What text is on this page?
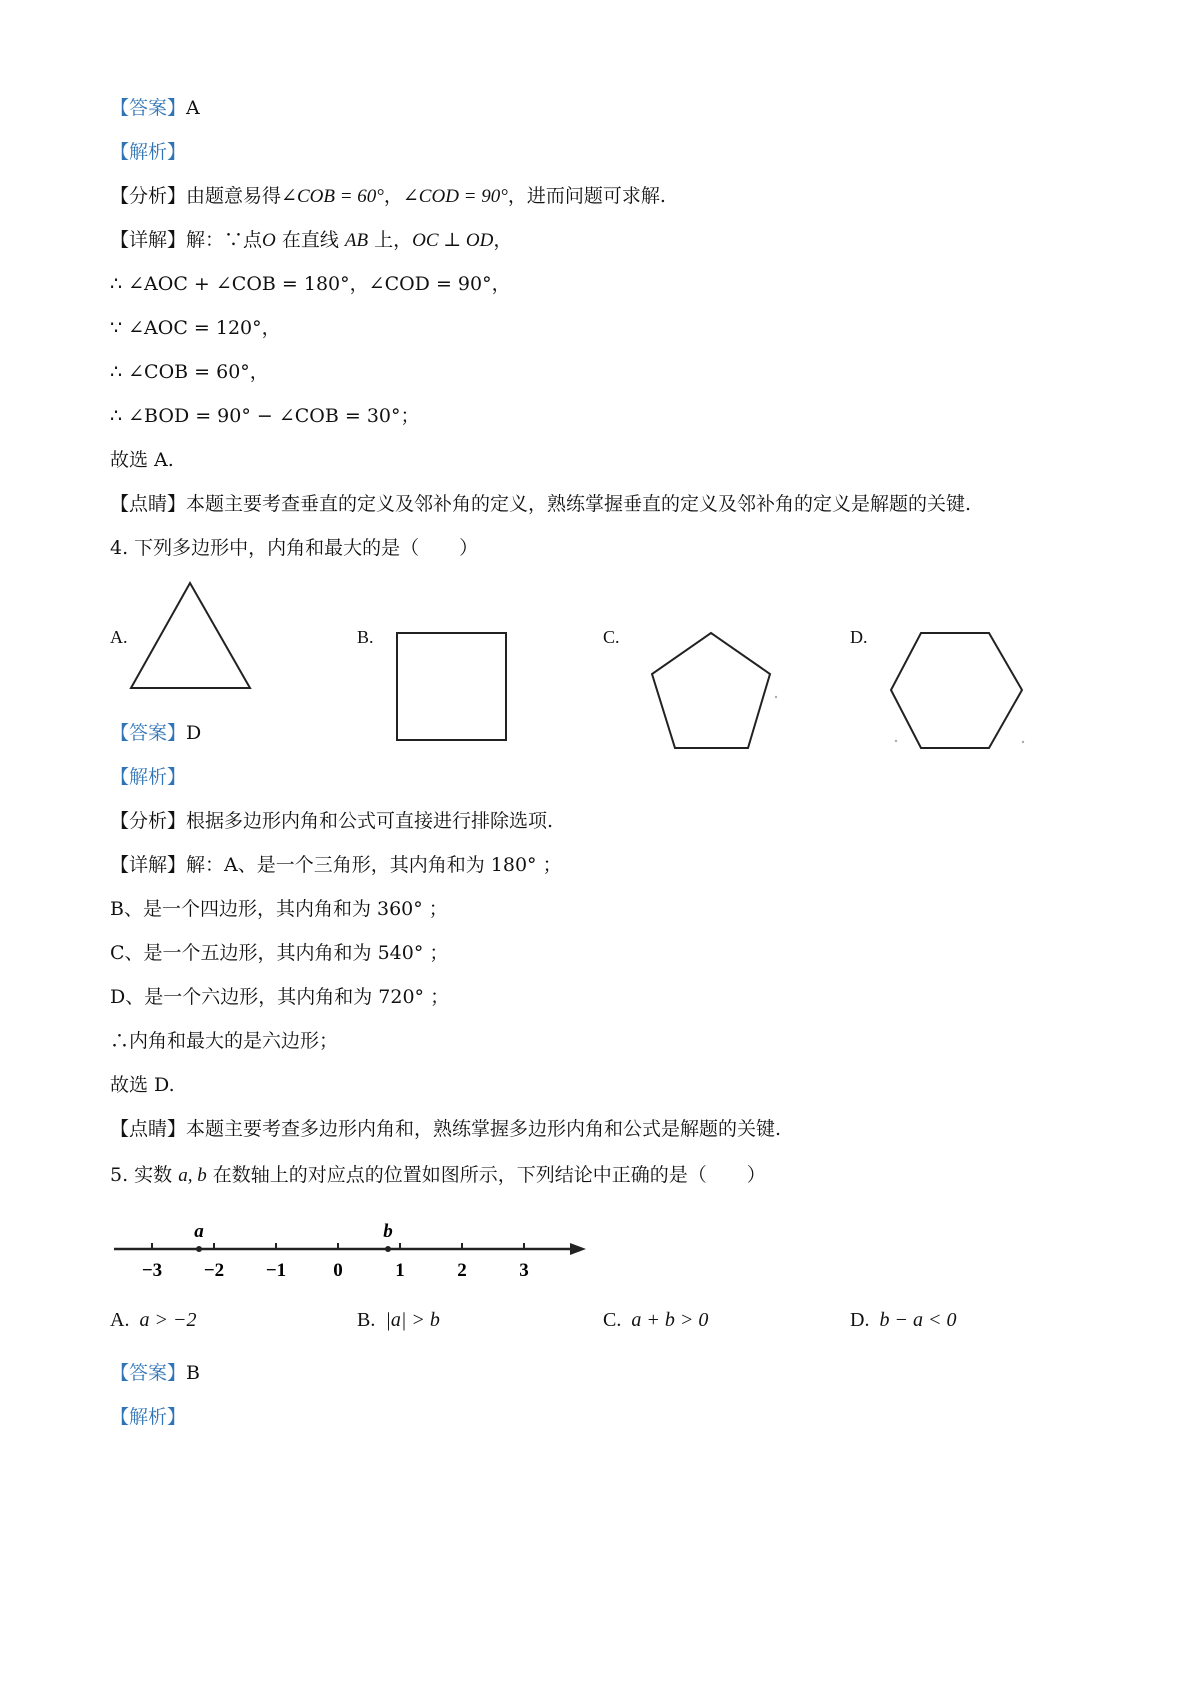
【答案】A
【解析】
【分析】由题意易得∠COB = 60°，∠COD = 90°，进而问题可求解.
【详解】解：∵点O 在直线 AB 上，OC ⊥ OD，
∴ ∠AOC + ∠COB = 180°，∠COD = 90°，
∵ ∠AOC = 120°，
∴ ∠COB = 60°，
∴ ∠BOD = 90° − ∠COB = 30°；
故选 A.
【点睛】本题主要考查垂直的定义及邻补角的定义，熟练掌握垂直的定义及邻补角的定义是解题的关键.
4. 下列多边形中，内角和最大的是（ ）
A.	B.	C.	D.
【答案】D
【解析】
【分析】根据多边形内角和公式可直接进行排除选项.
【详解】解：A、是一个三角形，其内角和为 180° ；
B、是一个四边形，其内角和为 360° ；
C、是一个五边形，其内角和为 540° ；
D、是一个六边形，其内角和为 720° ；
∴内角和最大的是六边形；
故选 D.
【点睛】本题主要考查多边形内角和，熟练掌握多边形内角和公式是解题的关键.
5. 实数 a, b 在数轴上的对应点的位置如图所示，下列结论中正确的是（ ）
−3 −2 −1 0	1	2	3
a	b
A. a > −2	B. |a| > b	C. a + b > 0	D. b − a < 0
【答案】B
【解析】
